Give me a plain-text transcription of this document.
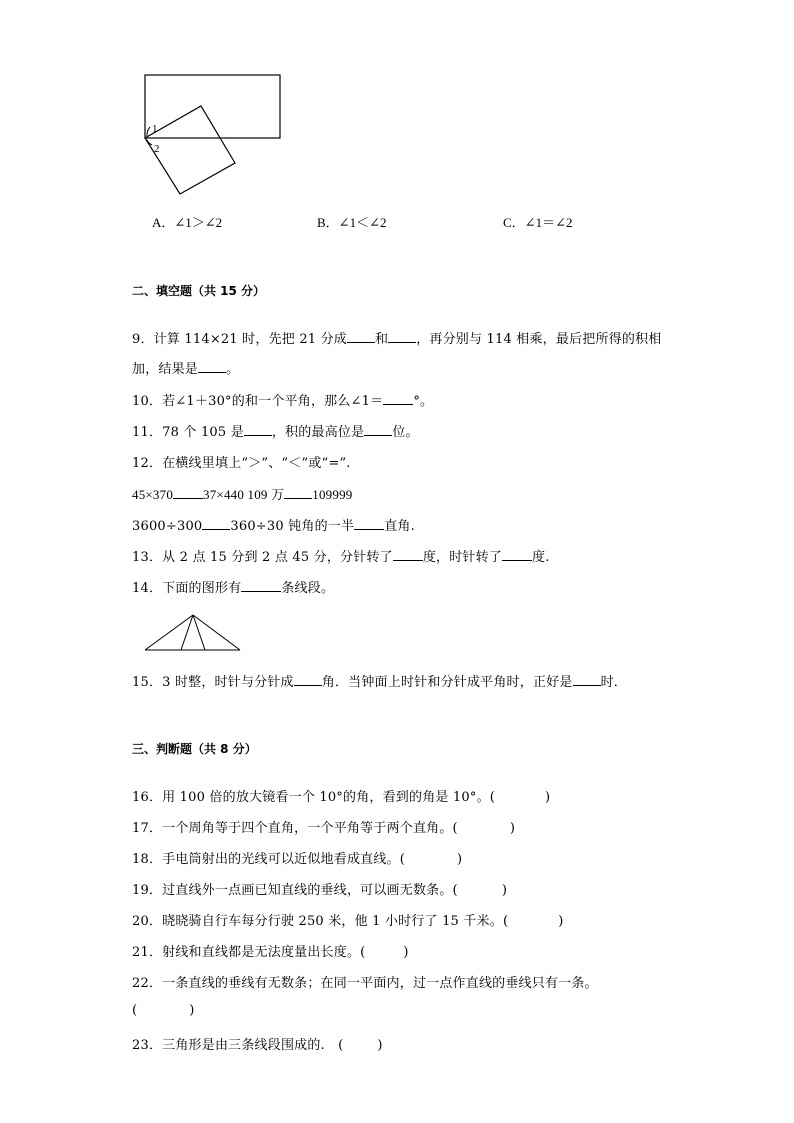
1
2
A．∠1＞∠2	B．∠1＜∠2	C．∠1＝∠2
二、填空题（共 15 分）
9．计算 114×21 时，先把 21 分成 和 ，再分别与 114 相乘，最后把所得的积相
加，结果是 。
10．若∠1＋30°的和一个平角，那么∠1＝ °。
11．78 个 105 是 ，积的最高位是 位。
12．在横线里填上“＞”、“＜”或“=”.
45×370 37×440 109 万 109999
3600÷300 360÷30 钝角的一半 直角.
13．从 2 点 15 分到 2 点 45 分，分针转了 度，时针转了 度.
14．下面的图形有	条线段。
15．3 时整，时针与分针成 角．当钟面上时针和分针成平角时，正好是 时．
三、判断题（共 8 分）
16．用 100 倍的放大镜看一个 10°的角，看到的角是 10°。(	)
17．一个周角等于四个直角，一个平角等于两个直角。(	)
18．手电筒射出的光线可以近似地看成直线。(	)
19．过直线外一点画已知直线的垂线，可以画无数条。(	)
20．晓晓骑自行车每分行驶 250 米，他 1 小时行了 15 千米。(	)
21．射线和直线都是无法度量出长度。(	)
22．一条直线的垂线有无数条；在同一平面内，过一点作直线的垂线只有一条。
(	)
23．三角形是由三条线段围成的.  (	)
